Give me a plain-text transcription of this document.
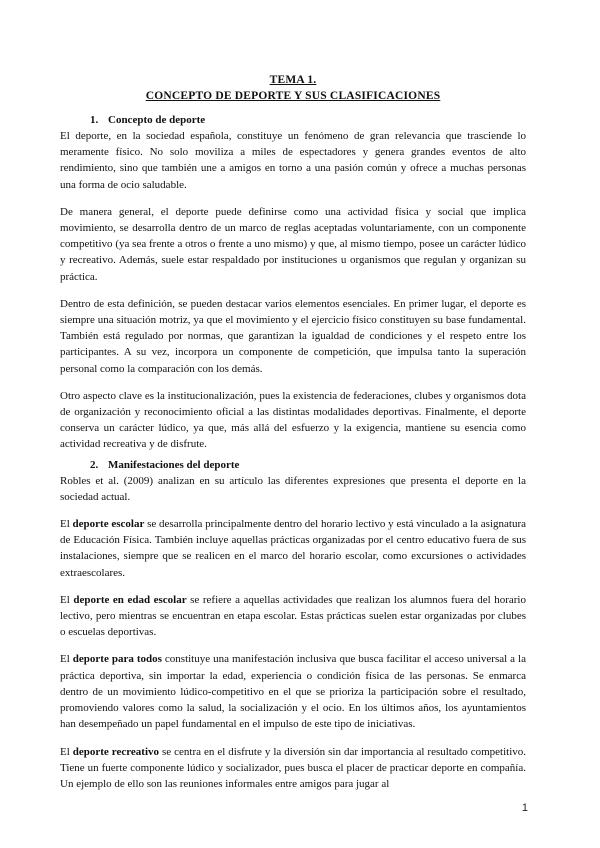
TEMA 1.

CONCEPTO DE DEPORTE Y SUS CLASIFICACIONES

1. Concepto de deporte

El deporte, en la sociedad española, constituye un fenómeno de gran relevancia que trasciende lo meramente físico. No solo moviliza a miles de espectadores y genera grandes eventos de alto rendimiento, sino que también une a amigos en torno a una pasión común y ofrece a muchas personas una forma de ocio saludable.

De manera general, el deporte puede definirse como una actividad física y social que implica movimiento, se desarrolla dentro de un marco de reglas aceptadas voluntariamente, con un componente competitivo (ya sea frente a otros o frente a uno mismo) y que, al mismo tiempo, posee un carácter lúdico y recreativo. Además, suele estar respaldado por instituciones u organismos que regulan y organizan su práctica.

Dentro de esta definición, se pueden destacar varios elementos esenciales. En primer lugar, el deporte es siempre una situación motriz, ya que el movimiento y el ejercicio físico constituyen su base fundamental. También está regulado por normas, que garantizan la igualdad de condiciones y el respeto entre los participantes. A su vez, incorpora un componente de competición, que impulsa tanto la superación personal como la comparación con los demás.

Otro aspecto clave es la institucionalización, pues la existencia de federaciones, clubes y organismos dota de organización y reconocimiento oficial a las distintas modalidades deportivas. Finalmente, el deporte conserva un carácter lúdico, ya que, más allá del esfuerzo y la exigencia, mantiene su esencia como actividad recreativa y de disfrute.

2. Manifestaciones del deporte

Robles et al. (2009) analizan en su artículo las diferentes expresiones que presenta el deporte en la sociedad actual.

El deporte escolar se desarrolla principalmente dentro del horario lectivo y está vinculado a la asignatura de Educación Física. También incluye aquellas prácticas organizadas por el centro educativo fuera de sus instalaciones, siempre que se realicen en el marco del horario escolar, como excursiones o actividades extraescolares.

El deporte en edad escolar se refiere a aquellas actividades que realizan los alumnos fuera del horario lectivo, pero mientras se encuentran en etapa escolar. Estas prácticas suelen estar organizadas por clubes o escuelas deportivas.

El deporte para todos constituye una manifestación inclusiva que busca facilitar el acceso universal a la práctica deportiva, sin importar la edad, experiencia o condición física de las personas. Se enmarca dentro de un movimiento lúdico-competitivo en el que se prioriza la participación sobre el resultado, promoviendo valores como la salud, la socialización y el ocio. En los últimos años, los ayuntamientos han desempeñado un papel fundamental en el impulso de este tipo de iniciativas.

El deporte recreativo se centra en el disfrute y la diversión sin dar importancia al resultado competitivo. Tiene un fuerte componente lúdico y socializador, pues busca el placer de practicar deporte en compañía. Un ejemplo de ello son las reuniones informales entre amigos para jugar al

1
